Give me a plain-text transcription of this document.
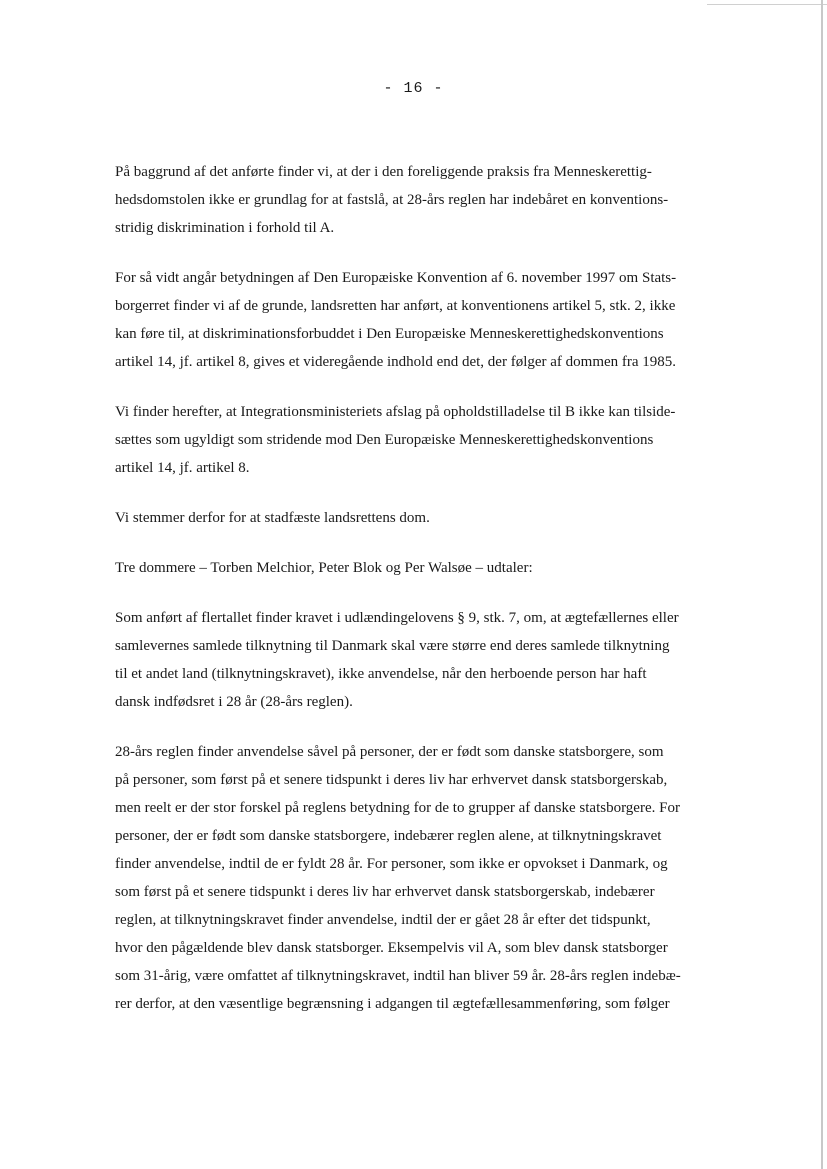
- 16 -
På baggrund af det anførte finder vi, at der i den foreliggende praksis fra Menneskerettig-
hedsdomstolen ikke er grundlag for at fastslå, at 28-års reglen har indebåret en konventions-
stridig diskrimination i forhold til A.
For så vidt angår betydningen af Den Europæiske Konvention af 6. november 1997 om Stats-
borgerret finder vi af de grunde, landsretten har anført, at konventionens artikel 5, stk. 2, ikke
kan føre til, at diskriminationsforbuddet i Den Europæiske Menneskerettighedskonventions
artikel 14, jf. artikel 8, gives et videregående indhold end det, der følger af dommen fra 1985.
Vi finder herefter, at Integrationsministeriets afslag på opholdstilladelse til B ikke kan tilside-
sættes som ugyldigt som stridende mod Den Europæiske Menneskerettighedskonventions
artikel 14, jf. artikel 8.
Vi stemmer derfor for at stadfæste landsrettens dom.
Tre dommere – Torben Melchior, Peter Blok og Per Walsøe – udtaler:
Som anført af flertallet finder kravet i udlændingelovens § 9, stk. 7, om, at ægtefællernes eller
samlevernes samlede tilknytning til Danmark skal være større end deres samlede tilknytning
til et andet land (tilknytningskravet), ikke anvendelse, når den herboende person har haft
dansk indfødsret i 28 år (28-års reglen).
28-års reglen finder anvendelse såvel på personer, der er født som danske statsborgere, som
på personer, som først på et senere tidspunkt i deres liv har erhvervet dansk statsborgerskab,
men reelt er der stor forskel på reglens betydning for de to grupper af danske statsborgere. For
personer, der er født som danske statsborgere, indebærer reglen alene, at tilknytningskravet
finder anvendelse, indtil de er fyldt 28 år. For personer, som ikke er opvokset i Danmark, og
som først på et senere tidspunkt i deres liv har erhvervet dansk statsborgerskab, indebærer
reglen, at tilknytningskravet finder anvendelse, indtil der er gået 28 år efter det tidspunkt,
hvor den pågældende blev dansk statsborger. Eksempelvis vil A, som blev dansk statsborger
som 31-årig, være omfattet af tilknytningskravet, indtil han bliver 59 år. 28-års reglen indebæ-
rer derfor, at den væsentlige begrænsning i adgangen til ægtefællesammenføring, som følger
